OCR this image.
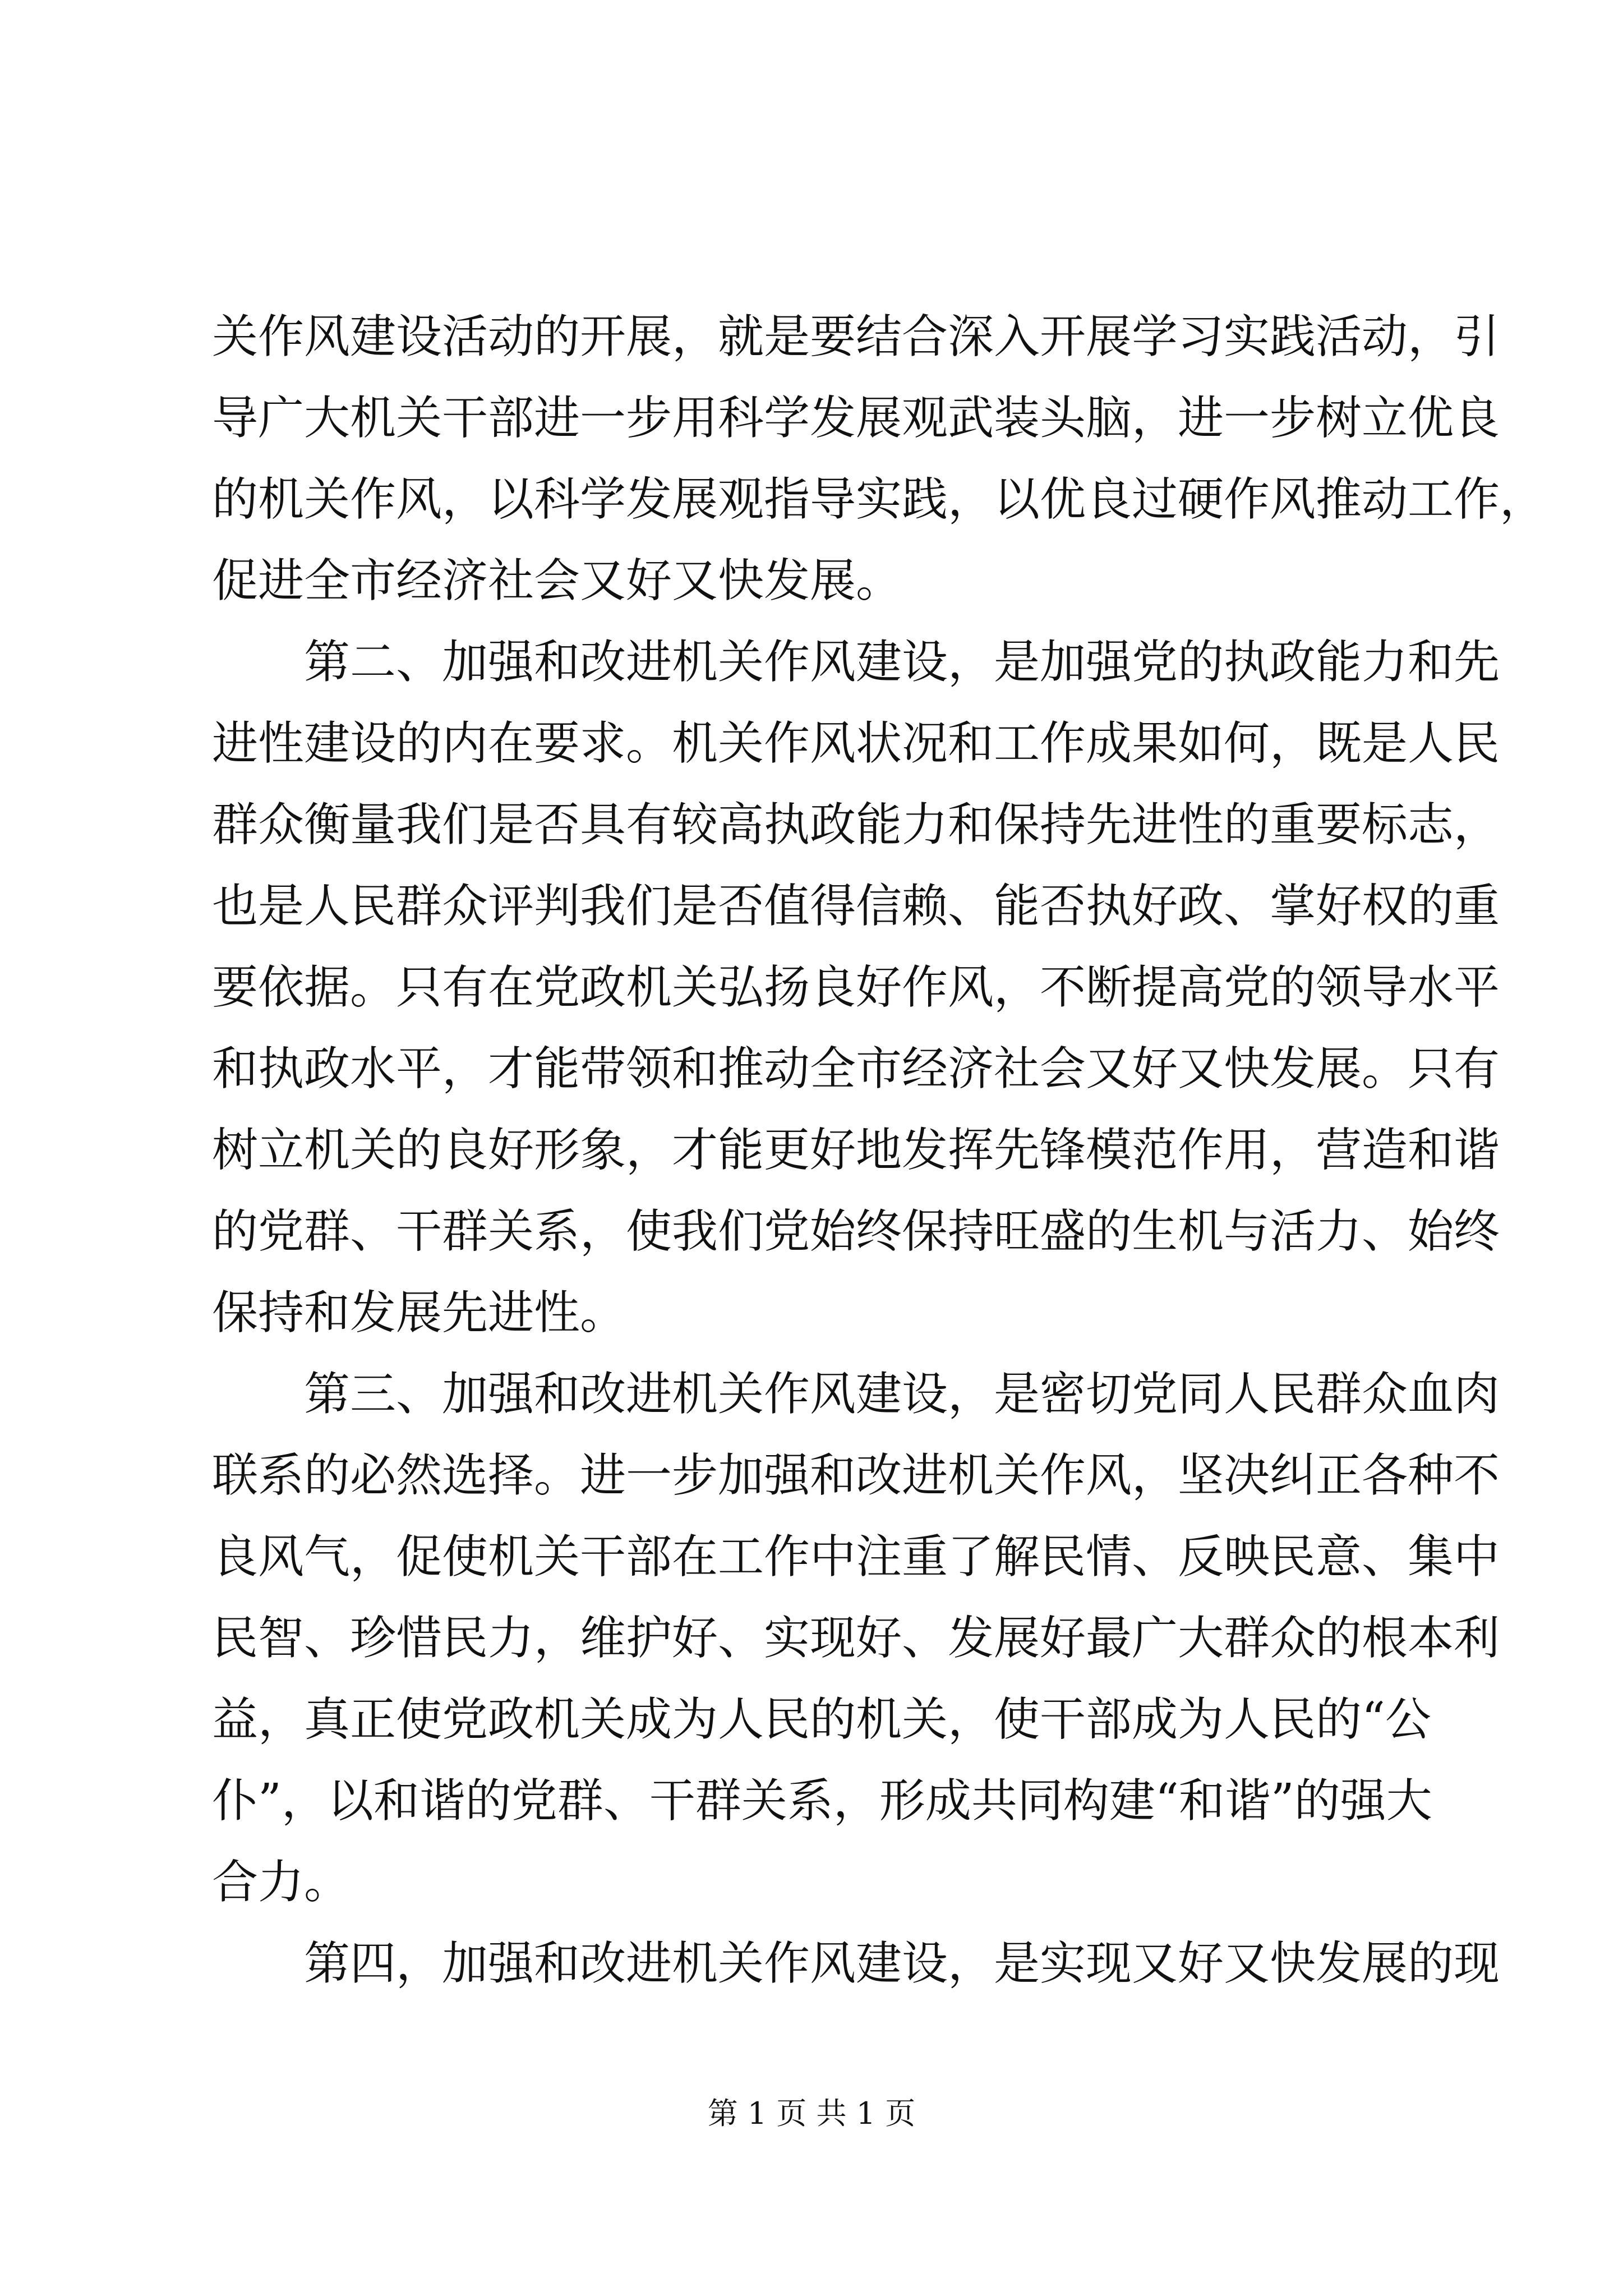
关作风建设活动的开展，就是要结合深入开展学习实践活动，引
导广大机关干部进一步用科学发展观武装头脑，进一步树立优良
的机关作风，以科学发展观指导实践，以优良过硬作风推动工作，
促进全市经济社会又好又快发展。
第二、加强和改进机关作风建设，是加强党的执政能力和先
进性建设的内在要求。机关作风状况和工作成果如何，既是人民
群众衡量我们是否具有较高执政能力和保持先进性的重要标志，
也是人民群众评判我们是否值得信赖、能否执好政、掌好权的重
要依据。只有在党政机关弘扬良好作风，不断提高党的领导水平
和执政水平，才能带领和推动全市经济社会又好又快发展。只有
树立机关的良好形象，才能更好地发挥先锋模范作用，营造和谐
的党群、干群关系，使我们党始终保持旺盛的生机与活力、始终
保持和发展先进性。
第三、加强和改进机关作风建设，是密切党同人民群众血肉
联系的必然选择。进一步加强和改进机关作风，坚决纠正各种不
良风气，促使机关干部在工作中注重了解民情、反映民意、集中
民智、珍惜民力，维护好、实现好、发展好最广大群众的根本利
益，真正使党政机关成为人民的机关，使干部成为人民的“公
仆”，以和谐的党群、干群关系，形成共同构建“和谐”的强大
合力。
第四，加强和改进机关作风建设，是实现又好又快发展的现
第 1 页 共 1 页
